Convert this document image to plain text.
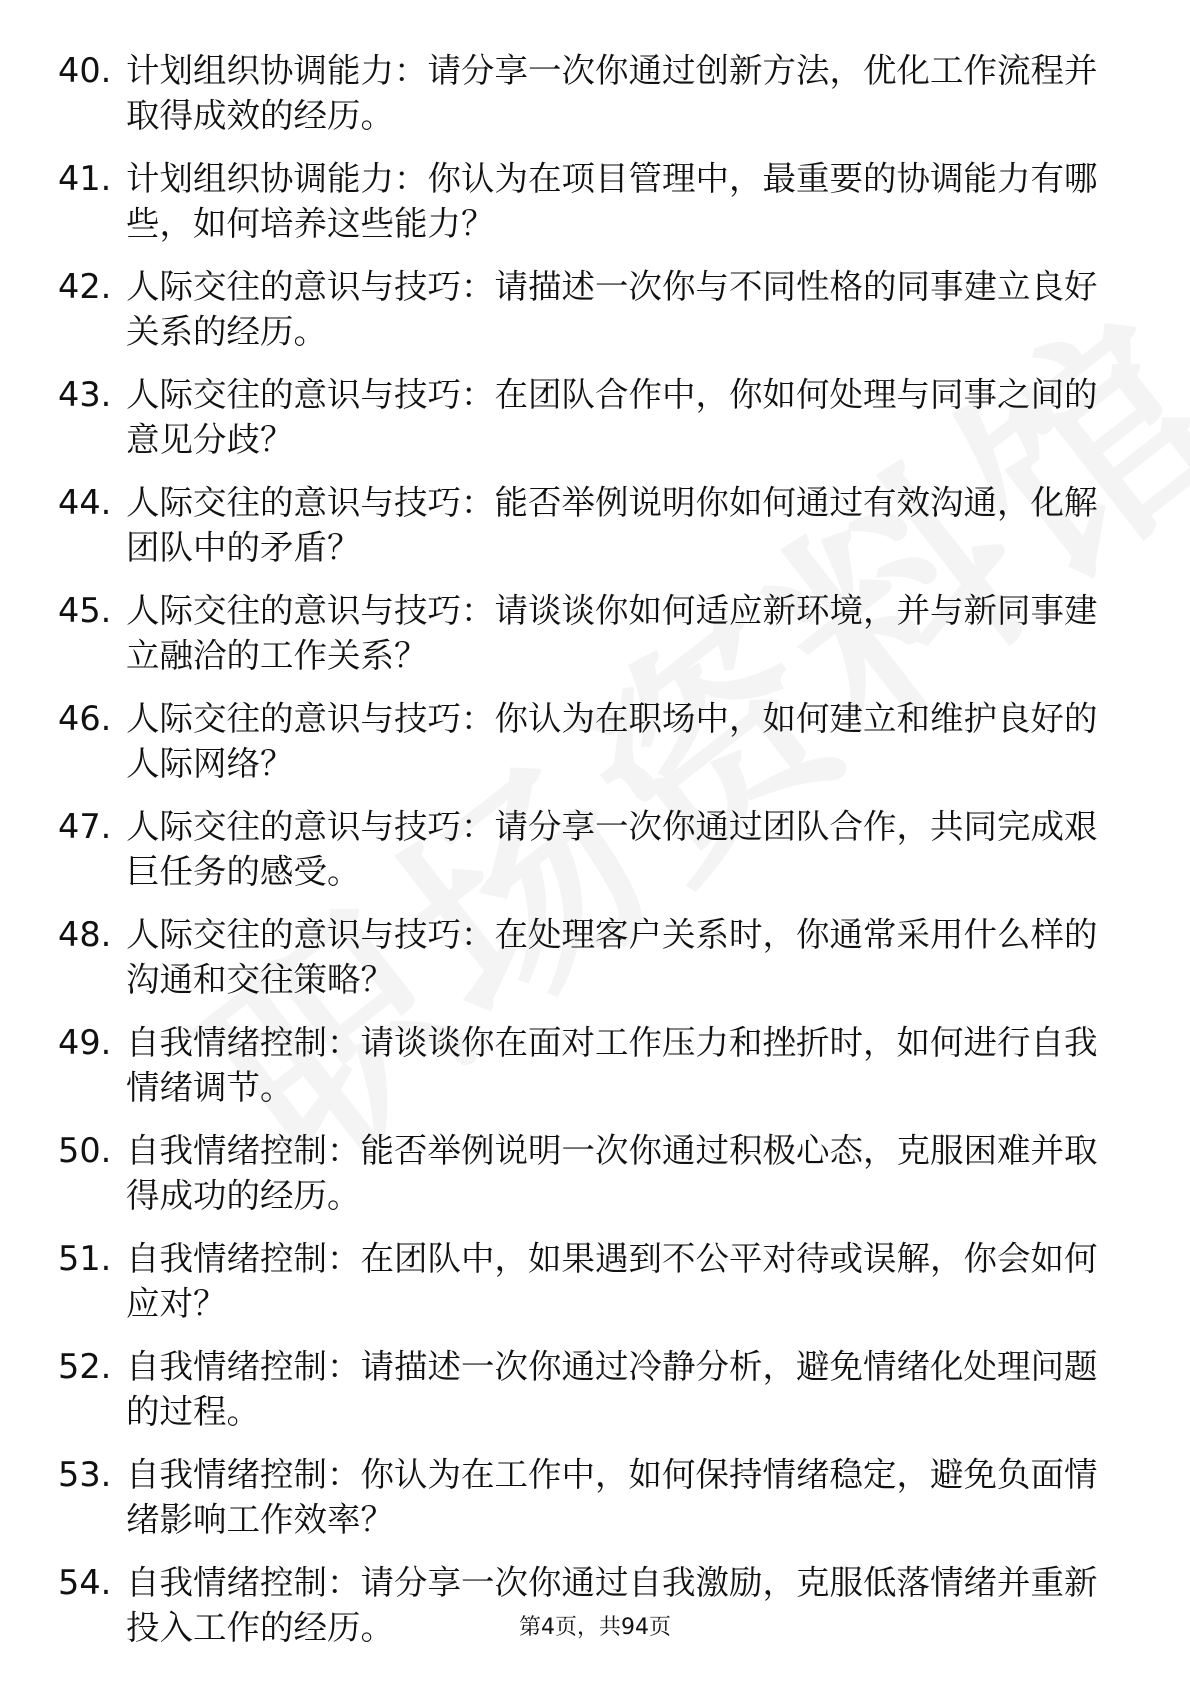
40. 计划组织协调能力：请分享一次你通过创新方法，优化工作流程并取得成效的经历。
41. 计划组织协调能力：你认为在项目管理中，最重要的协调能力有哪些，如何培养这些能力？
42. 人际交往的意识与技巧：请描述一次你与不同性格的同事建立良好关系的经历。
43. 人际交往的意识与技巧：在团队合作中，你如何处理与同事之间的意见分歧？
44. 人际交往的意识与技巧：能否举例说明你如何通过有效沟通，化解团队中的矛盾？
45. 人际交往的意识与技巧：请谈谈你如何适应新环境，并与新同事建立融洽的工作关系？
46. 人际交往的意识与技巧：你认为在职场中，如何建立和维护良好的人际网络？
47. 人际交往的意识与技巧：请分享一次你通过团队合作，共同完成艰巨任务的感受。
48. 人际交往的意识与技巧：在处理客户关系时，你通常采用什么样的沟通和交往策略？
49. 自我情绪控制：请谈谈你在面对工作压力和挫折时，如何进行自我情绪调节。
50. 自我情绪控制：能否举例说明一次你通过积极心态，克服困难并取得成功的经历。
51. 自我情绪控制：在团队中，如果遇到不公平对待或误解，你会如何应对？
52. 自我情绪控制：请描述一次你通过冷静分析，避免情绪化处理问题的过程。
53. 自我情绪控制：你认为在工作中，如何保持情绪稳定，避免负面情绪影响工作效率？
54. 自我情绪控制：请分享一次你通过自我激励，克服低落情绪并重新投入工作的经历。	第4页，共94页
